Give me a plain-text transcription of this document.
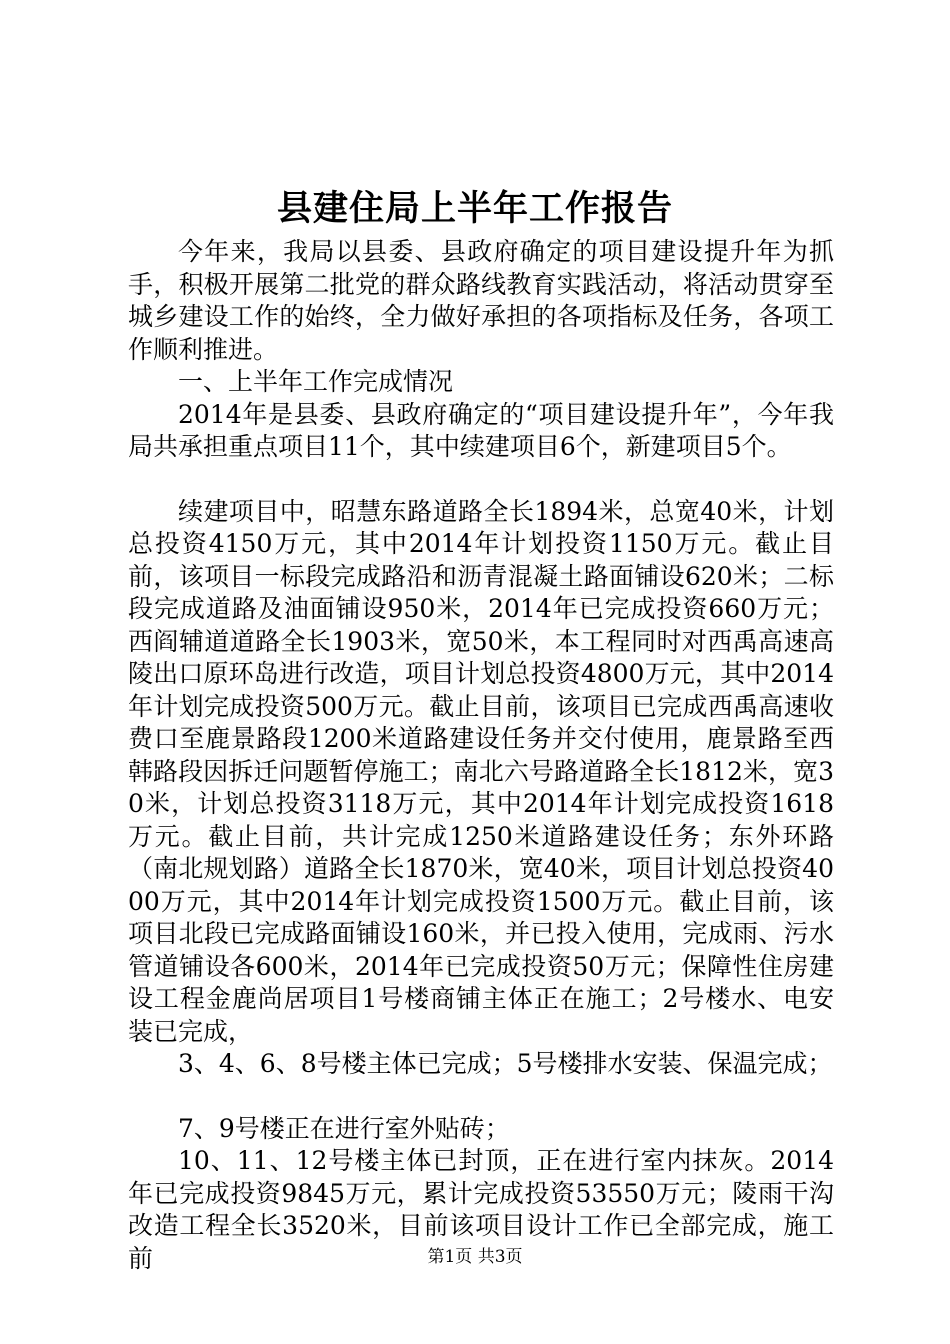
县建住局上半年工作报告

今年来，我局以县委、县政府确定的项目建设提升年为抓手，积极开展第二批党的群众路线教育实践活动，将活动贯穿至城乡建设工作的始终，全力做好承担的各项指标及任务，各项工作顺利推进。

一、上半年工作完成情况

2014年是县委、县政府确定的“项目建设提升年”，今年我局共承担重点项目11个，其中续建项目6个，新建项目5个。

续建项目中，昭慧东路道路全长1894米，总宽40米，计划总投资4150万元，其中2014年计划投资1150万元。截止目前，该项目一标段完成路沿和沥青混凝土路面铺设620米；二标段完成道路及油面铺设950米，2014年已完成投资660万元；西阎辅道道路全长1903米，宽50米，本工程同时对西禹高速高陵出口原环岛进行改造，项目计划总投资4800万元，其中2014年计划完成投资500万元。截止目前，该项目已完成西禹高速收费口至鹿景路段1200米道路建设任务并交付使用，鹿景路至西韩路段因拆迁问题暂停施工；南北六号路道路全长1812米，宽30米，计划总投资3118万元，其中2014年计划完成投资1618万元。截止目前，共计完成1250米道路建设任务；东外环路（南北规划路）道路全长1870米，宽40米，项目计划总投资4000万元，其中2014年计划完成投资1500万元。截止目前，该项目北段已完成路面铺设160米，并已投入使用，完成雨、污水管道铺设各600米，2014年已完成投资50万元；保障性住房建设工程金鹿尚居项目1号楼商铺主体正在施工；2号楼水、电安装已完成，

3、4、6、8号楼主体已完成；5号楼排水安装、保温完成；

7、9号楼正在进行室外贴砖；

10、11、12号楼主体已封顶，正在进行室内抹灰。2014年已完成投资9845万元，累计完成投资53550万元；陵雨干沟改造工程全长3520米，目前该项目设计工作已全部完成，施工前	第1页 共3页
